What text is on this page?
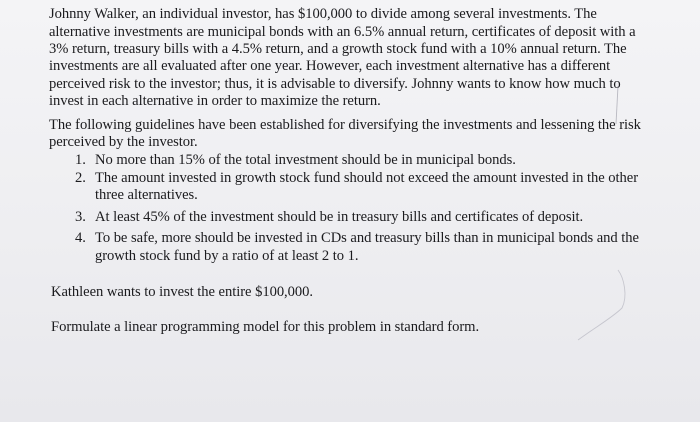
Johnny Walker, an individual investor, has $100,000 to divide among several investments. The
alternative investments are municipal bonds with an 6.5% annual return, certificates of deposit with a
3% return, treasury bills with a 4.5% return, and a growth stock fund with a 10% annual return. The
investments are all evaluated after one year. However, each investment alternative has a different
perceived risk to the investor; thus, it is advisable to diversify. Johnny wants to know how much to
invest in each alternative in order to maximize the return.
The following guidelines have been established for diversifying the investments and lessening the risk
perceived by the investor.
1. No more than 15% of the total investment should be in municipal bonds.
2. The amount invested in growth stock fund should not exceed the amount invested in the other
three alternatives.
3. At least 45% of the investment should be in treasury bills and certificates of deposit.
4. To be safe, more should be invested in CDs and treasury bills than in municipal bonds and the
growth stock fund by a ratio of at least 2 to 1.
Kathleen wants to invest the entire $100,000.
Formulate a linear programming model for this problem in standard form.
